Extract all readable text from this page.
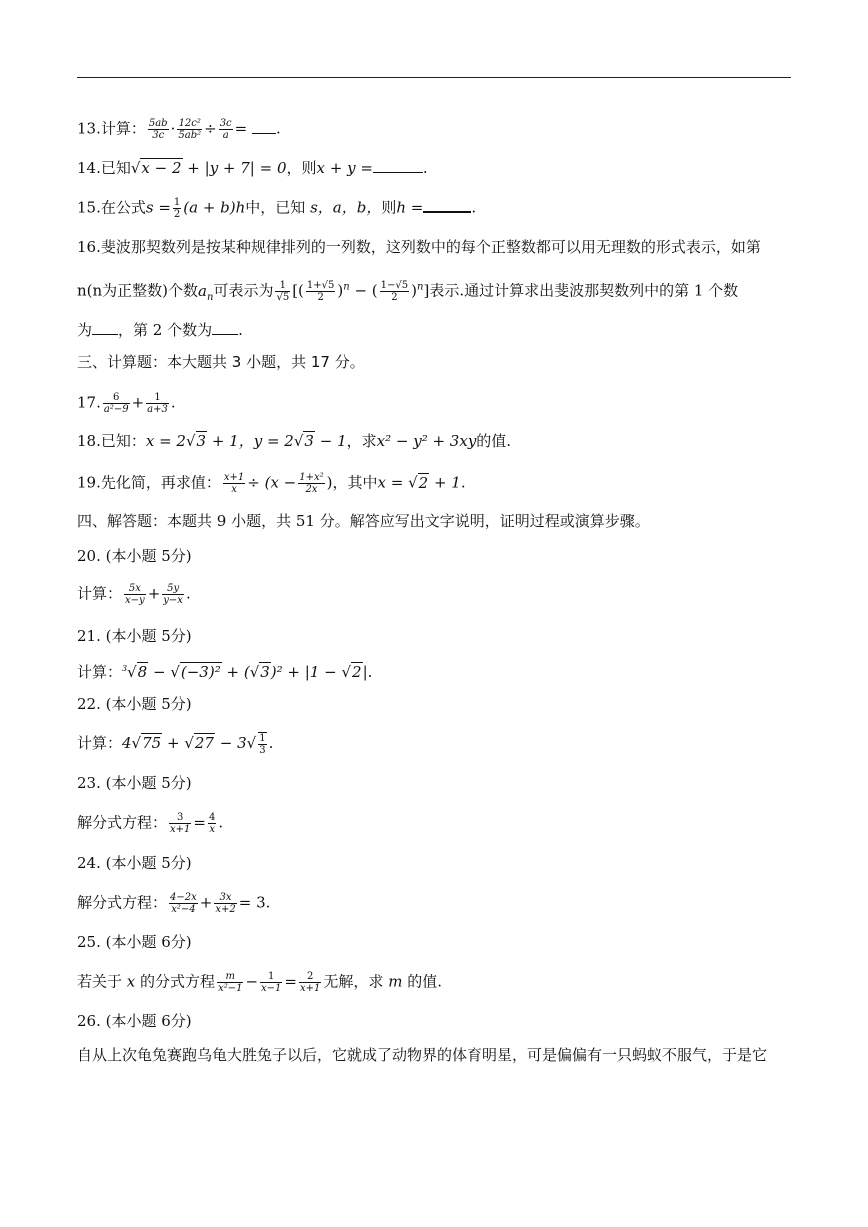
13.计算： $\frac{5ab}{3c} \cdot \frac{\text{12c²}}{\text{5ab²}} \div \frac{3c}{a}$ = .
14.已知√x − 2 + |y + 7| = 0，则x + y =	.
15.在公式$s = \frac{1}{2} (a + b)h$中，已知 s，a，b，则h =	.
16.斐波那契数列是按某种规律排列的一列数，这列数中的每个正整数都可以用无理数的形式表示，如第
n(n为正整数)个数$a_n$可表示为 $\frac{1}{√5}$ [( $\frac{1+√5}{2} )^n$ − ( $\frac{1-√5}{2} )^n$]表示.通过计算求出斐波那契数列中的第 1 个数
为 ，第 2 个数为 .
三、计算题：本大题共 3 小题，共 17 分。
17. $\frac{6}{\text{a²−9}} + \frac{1}{a+3}$ .
18.已知：x = 2√3 + 1，y = 2√3 − 1，求x² − y² + 3xy的值.
19.先化简，再求值： $\frac{x+1}{x} \div (x - \frac{\text{1+x²}}{2x}$ )，其中x = √2 + 1.
四、解答题：本题共 9 小题，共 51 分。解答应写出文字说明，证明过程或演算步骤。
20. (本小题 5分)
计算： $\frac{5x}{x-y} + \frac{5y}{y-x}$ .
21. (本小题 5分)
计算：$^3$√8 − √(−3)² + (√3)² + |1 − √2|.
22. (本小题 5分)
计算：$4√75 + √27 - 3√ \frac{1}{3}$ .
23. (本小题 5分)
解分式方程： $\frac{3}{x+1} = \frac{4}{x}$ .
24. (本小题 5分)
解分式方程： $\frac{4-2x}{\text{x²−4}} + \frac{3x}{x+2} = 3$.
25. (本小题 6分)
若关于 x 的分式方程 $\frac{m}{\text{x²−1}} - \frac{1}{x-1} = \frac{2}{x+1}$ 无解，求 m 的值.
26. (本小题 6分)
自从上次龟兔赛跑乌龟大胜兔子以后，它就成了动物界的体育明星，可是偏偏有一只蚂蚁不服气，于是它
